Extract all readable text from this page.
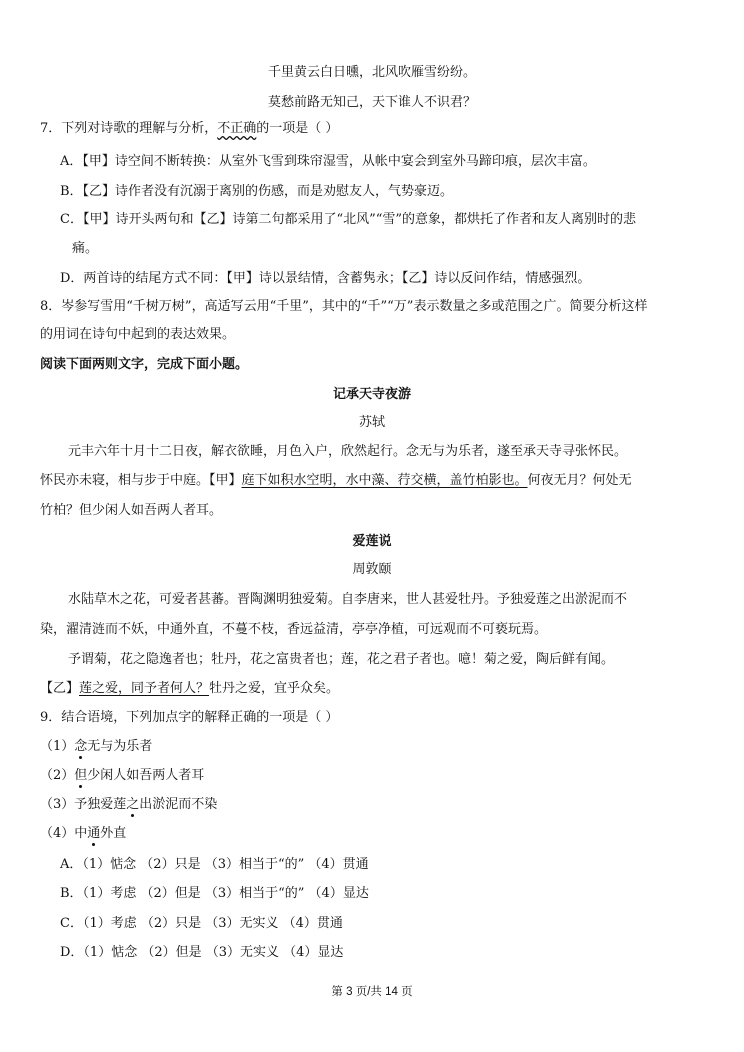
千里黄云白日曛，北风吹雁雪纷纷。
莫愁前路无知己，天下谁人不识君？
7．下列对诗歌的理解与分析，不正确的一项是（ ）
A．【甲】诗空间不断转换：从室外飞雪到珠帘湿雪，从帐中宴会到室外马蹄印痕，层次丰富。
B．【乙】诗作者没有沉溺于离别的伤感，而是劝慰友人，气势豪迈。
C．【甲】诗开头两句和【乙】诗第二句都采用了“北风”“雪”的意象，都烘托了作者和友人离别时的悲
痛。
D．两首诗的结尾方式不同：【甲】诗以景结情，含蓄隽永；【乙】诗以反问作结，情感强烈。
8．岑参写雪用“千树万树”，高适写云用“千里”，其中的“千”“万”表示数量之多或范围之广。简要分析这样
的用词在诗句中起到的表达效果。
阅读下面两则文字，完成下面小题。
记承天寺夜游
苏轼
元丰六年十月十二日夜，解衣欲睡，月色入户，欣然起行。念无与为乐者，遂至承天寺寻张怀民。
怀民亦未寝，相与步于中庭。【甲】庭下如积水空明，水中藻、荇交横，盖竹柏影也。何夜无月？何处无
竹柏？但少闲人如吾两人者耳。
爱莲说
周敦颐
水陆草木之花，可爱者甚蕃。晋陶渊明独爱菊。自李唐来，世人甚爱牡丹。予独爱莲之出淤泥而不
染，濯清涟而不妖，中通外直，不蔓不枝，香远益清，亭亭净植，可远观而不可亵玩焉。
予谓菊，花之隐逸者也；牡丹，花之富贵者也；莲，花之君子者也。噫！菊之爱，陶后鲜有闻。
【乙】莲之爱，同予者何人？牡丹之爱，宜乎众矣。
9．结合语境，下列加点字的解释正确的一项是（ ）
（1）念无与为乐者
（2）但少闲人如吾两人者耳
（3）予独爱莲之出淤泥而不染
（4）中通外直
A．（1）惦念 （2）只是 （3）相当于“的” （4）贯通
B．（1）考虑 （2）但是 （3）相当于“的” （4）显达
C．（1）考虑 （2）只是 （3）无实义 （4）贯通
D．（1）惦念 （2）但是 （3）无实义 （4）显达
第 3 页/共 14 页
